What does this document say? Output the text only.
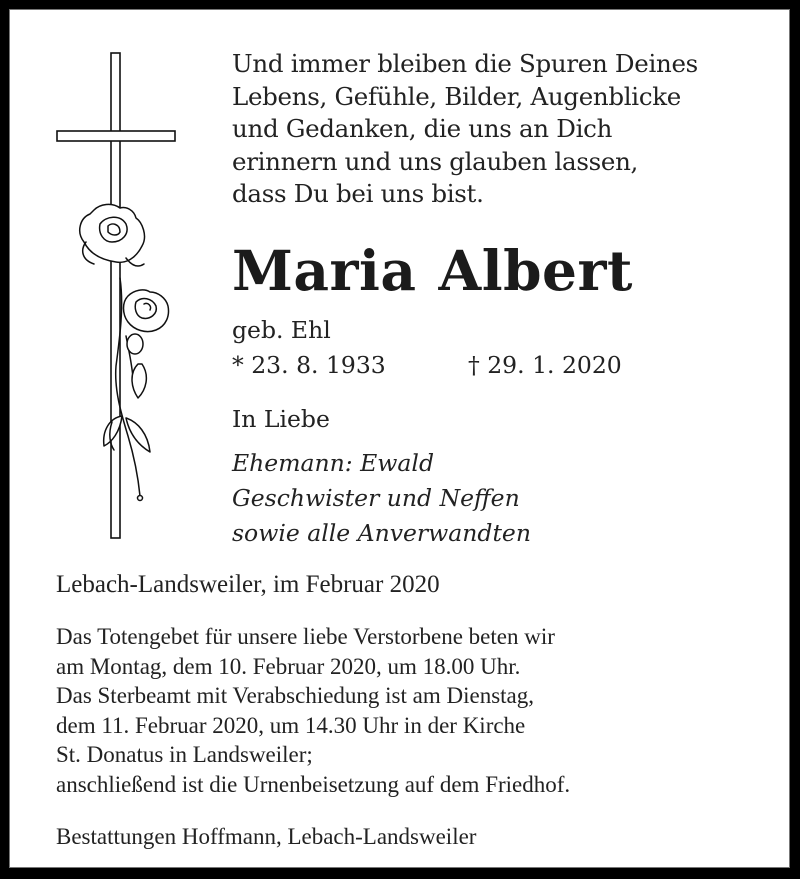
Und immer bleiben die Spuren Deines
Lebens, Gefühle, Bilder, Augenblicke
und Gedanken, die uns an Dich
erinnern und uns glauben lassen,
dass Du bei uns bist.
Maria Albert
geb. Ehl
* 23. 8. 1933	† 29. 1. 2020
In Liebe
Ehemann: Ewald
Geschwister und Neffen
sowie alle Anverwandten
Lebach-Landsweiler, im Februar 2020
Das Totengebet für unsere liebe Verstorbene beten wir
am Montag, dem 10. Februar 2020, um 18.00 Uhr.
Das Sterbeamt mit Verabschiedung ist am Dienstag,
dem 11. Februar 2020, um 14.30 Uhr in der Kirche
St. Donatus in Landsweiler;
anschließend ist die Urnenbeisetzung auf dem Friedhof.
Bestattungen Hoffmann, Lebach-Landsweiler
